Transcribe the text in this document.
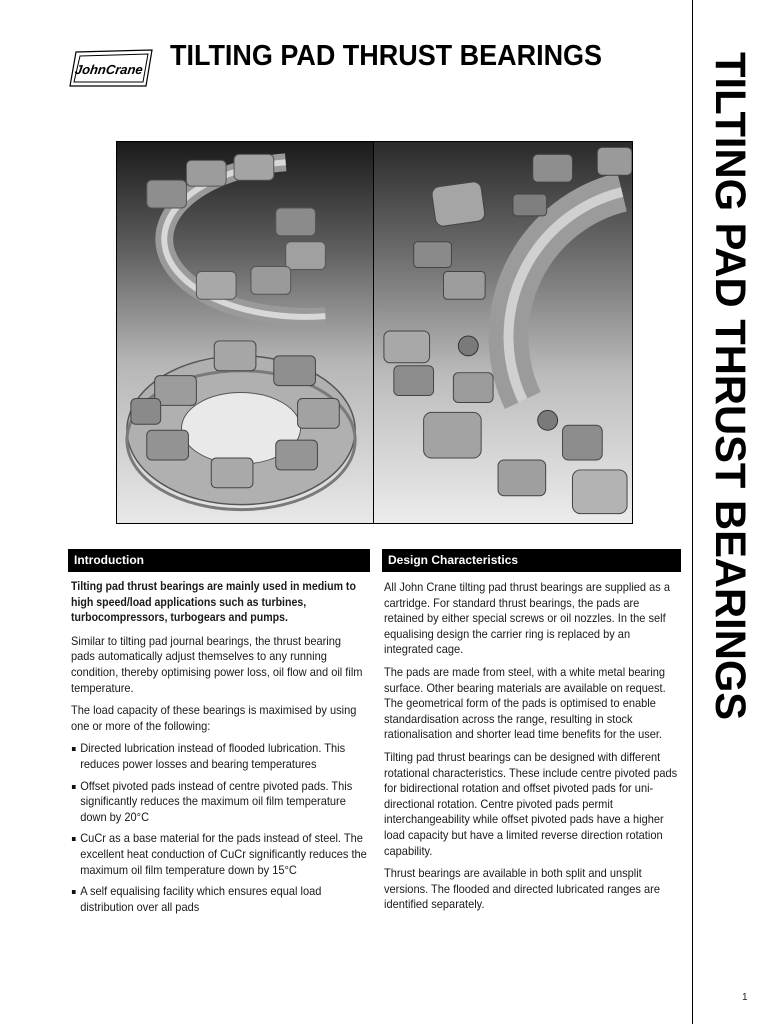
JohnCrane TILTING PAD THRUST BEARINGS TILTING PAD THRUST BEARINGS
Introduction	Design Characteristics

Tilting pad thrust bearings are mainly used in medium to high speed/load applications such as turbines, turbocompressors, turbogears and pumps.

Similar to tilting pad journal bearings, the thrust bearing pads automatically adjust themselves to any running condition, thereby optimising power loss, oil flow and oil film temperature.

The load capacity of these bearings is maximised by using one or more of the following:

Directed lubrication instead of flooded lubrication. This reduces power losses and bearing temperatures
Offset pivoted pads instead of centre pivoted pads. This significantly reduces the maximum oil film temperature down by 20°C
CuCr as a base material for the pads instead of steel. The excellent heat conduction of CuCr significantly reduces the maximum oil film temperature down by 15°C
A self equalising facility which ensures equal load distribution over all pads

All John Crane tilting pad thrust bearings are supplied as a cartridge. For standard thrust bearings, the pads are retained by either special screws or oil nozzles. In the self equalising design the carrier ring is replaced by an integrated cage.

The pads are made from steel, with a white metal bearing surface. Other bearing materials are available on request. The geometrical form of the pads is optimised to enable standardisation across the range, resulting in stock rationalisation and shorter lead time benefits for the user.

Tilting pad thrust bearings can be designed with different rotational characteristics. These include centre pivoted pads for bidirectional rotation and offset pivoted pads for uni-directional rotation. Centre pivoted pads permit interchangeability while offset pivoted pads have a higher load capacity but have a limited reverse direction rotation capability.

Thrust bearings are available in both split and unsplit versions. The flooded and directed lubricated ranges are identified separately.

1
